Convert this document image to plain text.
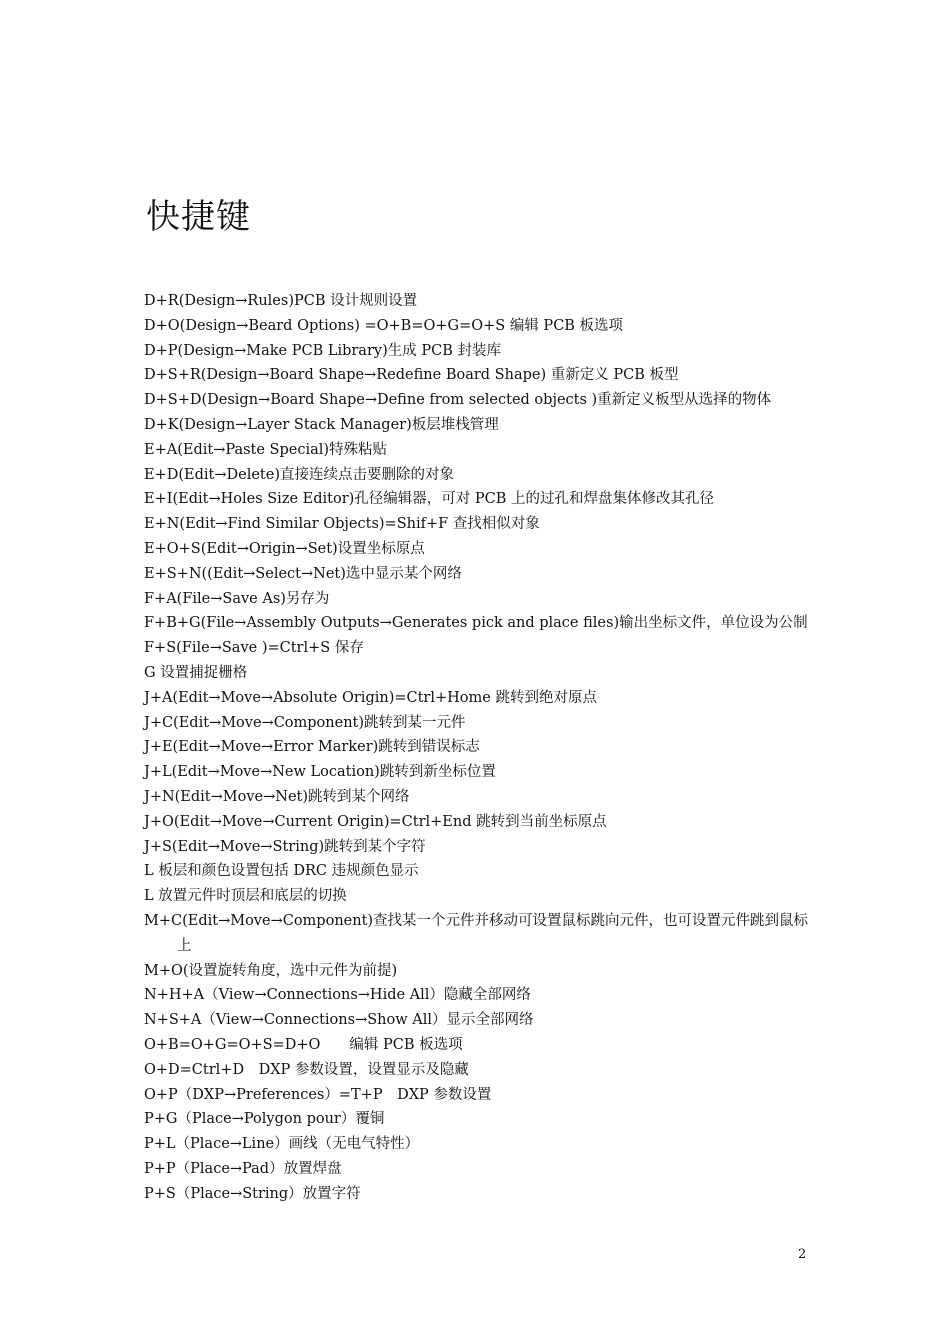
快捷键
D+R(Design→Rules)PCB 设计规则设置
D+O(Design→Beard Options) =O+B=O+G=O+S 编辑 PCB 板选项
D+P(Design→Make PCB Library)生成 PCB 封装库
D+S+R(Design→Board Shape→Redefine Board Shape) 重新定义 PCB 板型
D+S+D(Design→Board Shape→Define from selected objects )重新定义板型从选择的物体
D+K(Design→Layer Stack Manager)板层堆栈管理
E+A(Edit→Paste Special)特殊粘贴
E+D(Edit→Delete)直接连续点击要删除的对象
E+I(Edit→Holes Size Editor)孔径编辑器，可对 PCB 上的过孔和焊盘集体修改其孔径
E+N(Edit→Find Similar Objects)=Shif+F 查找相似对象
E+O+S(Edit→Origin→Set)设置坐标原点
E+S+N((Edit→Select→Net)选中显示某个网络
F+A(File→Save As)另存为
F+B+G(File→Assembly Outputs→Generates pick and place files)输出坐标文件，单位设为公制
F+S(File→Save )=Ctrl+S 保存
G 设置捕捉栅格
J+A(Edit→Move→Absolute Origin)=Ctrl+Home 跳转到绝对原点
J+C(Edit→Move→Component)跳转到某一元件
J+E(Edit→Move→Error Marker)跳转到错误标志
J+L(Edit→Move→New Location)跳转到新坐标位置
J+N(Edit→Move→Net)跳转到某个网络
J+O(Edit→Move→Current Origin)=Ctrl+End 跳转到当前坐标原点
J+S(Edit→Move→String)跳转到某个字符
L 板层和颜色设置包括 DRC 违规颜色显示
L 放置元件时顶层和底层的切换
M+C(Edit→Move→Component)查找某一个元件并移动可设置鼠标跳向元件，也可设置元件跳到鼠标上
M+O(设置旋转角度，选中元件为前提)
N+H+A（View→Connections→Hide All）隐藏全部网络
N+S+A（View→Connections→Show All）显示全部网络
O+B=O+G=O+S=D+O　　编辑 PCB 板选项
O+D=Ctrl+D　DXP 参数设置，设置显示及隐藏
O+P（DXP→Preferences）=T+P　DXP 参数设置
P+G（Place→Polygon pour）覆铜
P+L（Place→Line）画线（无电气特性）
P+P（Place→Pad）放置焊盘
P+S（Place→String）放置字符
2
